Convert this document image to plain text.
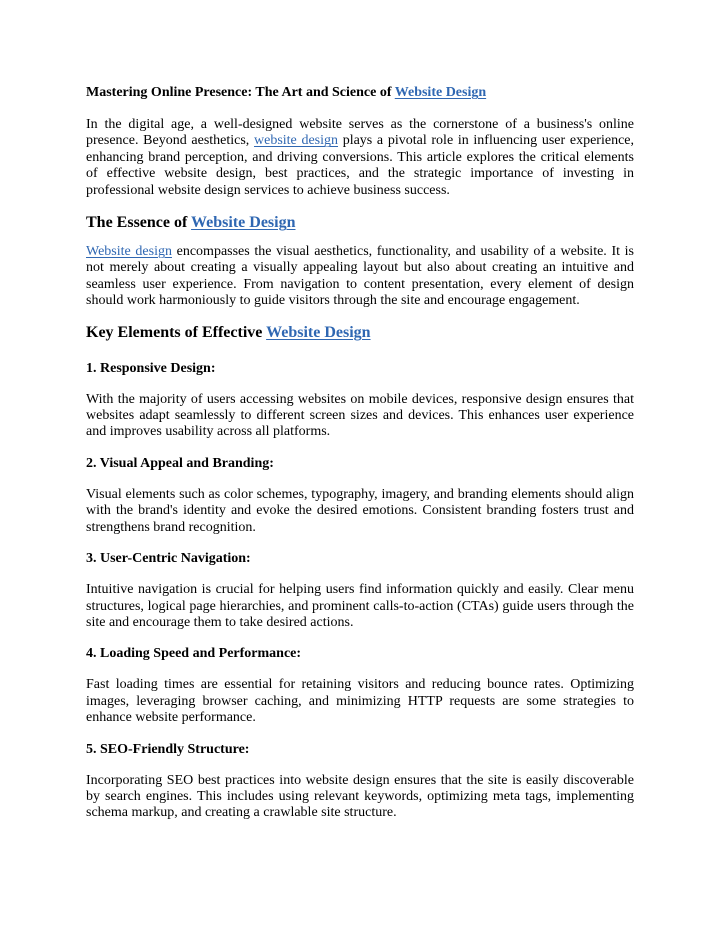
Mastering Online Presence: The Art and Science of Website Design

In the digital age, a well-designed website serves as the cornerstone of a business's online presence. Beyond aesthetics, website design plays a pivotal role in influencing user experience, enhancing brand perception, and driving conversions. This article explores the critical elements of effective website design, best practices, and the strategic importance of investing in professional website design services to achieve business success.

The Essence of Website Design

Website design encompasses the visual aesthetics, functionality, and usability of a website. It is not merely about creating a visually appealing layout but also about creating an intuitive and seamless user experience. From navigation to content presentation, every element of design should work harmoniously to guide visitors through the site and encourage engagement.

Key Elements of Effective Website Design
1. Responsive Design:

With the majority of users accessing websites on mobile devices, responsive design ensures that websites adapt seamlessly to different screen sizes and devices. This enhances user experience and improves usability across all platforms.

2. Visual Appeal and Branding:

Visual elements such as color schemes, typography, imagery, and branding elements should align with the brand's identity and evoke the desired emotions. Consistent branding fosters trust and strengthens brand recognition.

3. User-Centric Navigation:

Intuitive navigation is crucial for helping users find information quickly and easily. Clear menu structures, logical page hierarchies, and prominent calls-to-action (CTAs) guide users through the site and encourage them to take desired actions.

4. Loading Speed and Performance:

Fast loading times are essential for retaining visitors and reducing bounce rates. Optimizing images, leveraging browser caching, and minimizing HTTP requests are some strategies to enhance website performance.

5. SEO-Friendly Structure:

Incorporating SEO best practices into website design ensures that the site is easily discoverable by search engines. This includes using relevant keywords, optimizing meta tags, implementing schema markup, and creating a crawlable site structure.
